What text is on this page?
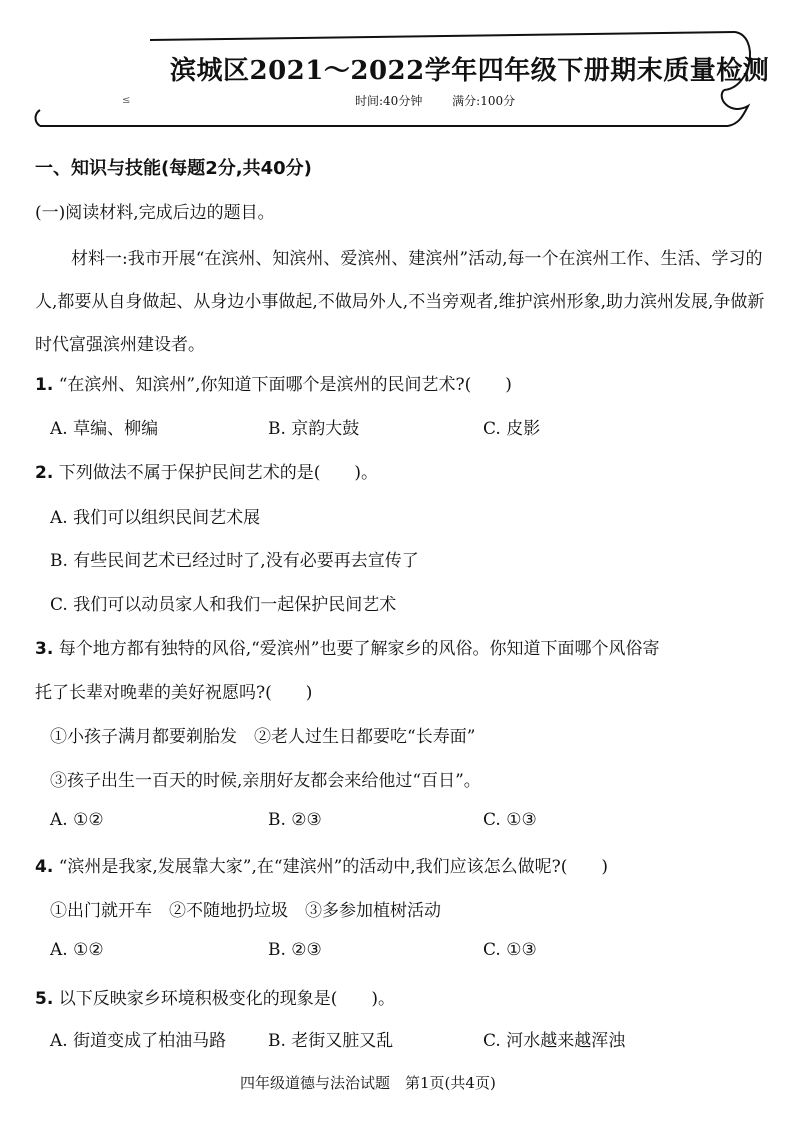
≤
滨城区2021～2022学年四年级下册期末质量检测
时间:40分钟 满分:100分
一、知识与技能(每题2分,共40分)
(一)阅读材料,完成后边的题目。
材料一:我市开展“在滨州、知滨州、爱滨州、建滨州”活动,每一个在滨州工作、生活、学习的人,都要从自身做起、从身边小事做起,不做局外人,不当旁观者,维护滨州形象,助力滨州发展,争做新时代富强滨州建设者。
1. “在滨州、知滨州”,你知道下面哪个是滨州的民间艺术?(　　)
A. 草编、柳编	B. 京韵大鼓	C. 皮影
2. 下列做法不属于保护民间艺术的是(　　)。
A. 我们可以组织民间艺术展
B. 有些民间艺术已经过时了,没有必要再去宣传了
C. 我们可以动员家人和我们一起保护民间艺术
3. 每个地方都有独特的风俗,“爱滨州”也要了解家乡的风俗。你知道下面哪个风俗寄
托了长辈对晚辈的美好祝愿吗?(　　)
①小孩子满月都要剃胎发　②老人过生日都要吃“长寿面”
③孩子出生一百天的时候,亲朋好友都会来给他过“百日”。
A. ①②	B. ②③	C. ①③
4. “滨州是我家,发展靠大家”,在“建滨州”的活动中,我们应该怎么做呢?(　　)
①出门就开车　②不随地扔垃圾　③多参加植树活动
A. ①②	B. ②③	C. ①③
5. 以下反映家乡环境积极变化的现象是(　　)。
A. 街道变成了柏油马路 B. 老街又脏又乱	C. 河水越来越浑浊
四年级道德与法治试题　第1页(共4页)
